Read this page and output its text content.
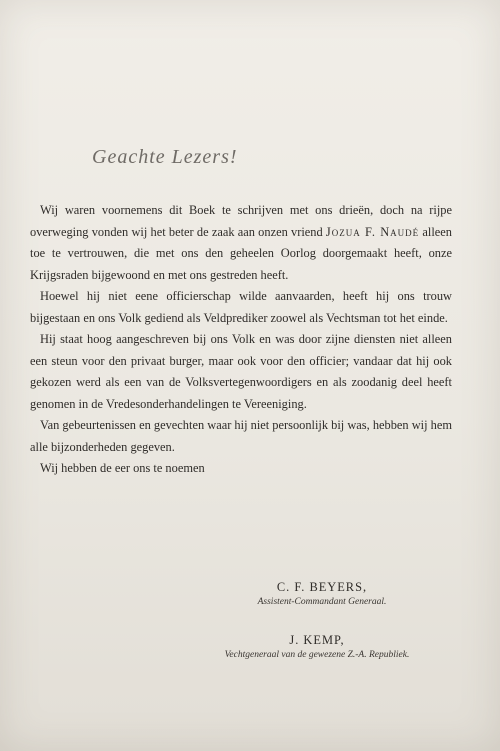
Geachte Lezers!

Wij waren voornemens dit Boek te schrijven met ons drieën, doch na rijpe overweging vonden wij het beter de zaak aan onzen vriend Jozua F. Naudé alleen toe te vertrouwen, die met ons den geheelen Oorlog doorgemaakt heeft, onze Krijgsraden bijgewoond en met ons gestreden heeft.

Hoewel hij niet eene officierschap wilde aanvaarden, heeft hij ons trouw bijgestaan en ons Volk gediend als Veldprediker zoowel als Vechtsman tot het einde.

Hij staat hoog aangeschreven bij ons Volk en was door zijne diensten niet alleen een steun voor den privaat burger, maar ook voor den officier; vandaar dat hij ook gekozen werd als een van de Volksvertegenwoordigers en als zoodanig deel heeft genomen in de Vredesonderhandelingen te Vereeniging.

Van gebeurtenissen en gevechten waar hij niet persoonlijk bij was, hebben wij hem alle bijzonderheden gegeven.

Wij hebben de eer ons te noemen

C. F. BEYERS,
Assistent-Commandant Generaal.
J. KEMP,
Vechtgeneraal van de gewezene Z.-A. Republiek.
